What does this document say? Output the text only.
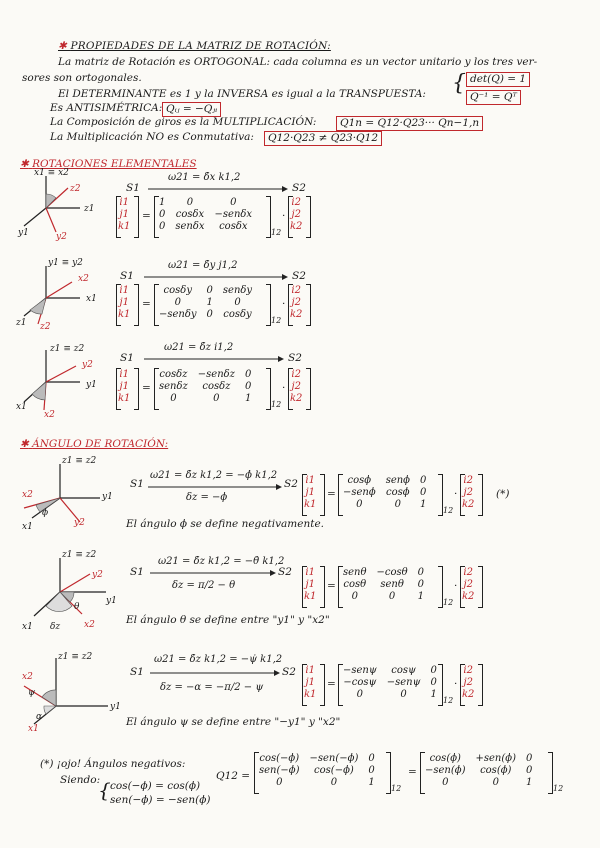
✱ PROPIEDADES DE LA MATRIZ DE ROTACIÓN:
La matriz de Rotación es ORTOGONAL: cada columna es un vector unitario y los tres ver-
sores son ortogonales.
El DETERMINANTE es 1 y la INVERSA es igual a la TRANSPUESTA: { det(Q) = 1
Q⁻¹ = Qᵀ
Es ANTISIMÉTRICA: Qᵢⱼ = −Qⱼᵢ
La Composición de giros es la MULTIPLICACIÓN:	Q1n = Q12·Q23··· Qn−1,n
La Multiplicación NO es Conmutativa:	Q12·Q23 ≠ Q23·Q12
✱ ROTACIONES ELEMENTALES
x1 ≡ x2
z2
z1
y1	y2
S1
ω21 = δ̇x k1,2
S2
i1
j1
k1
=
1	0	0
0	cosδx	−senδx
0	senδx	cosδx
12
·
i2
j2
k2
y1 ≡ y2
x2
x1
z1 z2
S1
ω21 = δ̇y j1,2
S2
i1
j1
k1
=
cosδy	0	senδy
0	1	0
−senδy	0	cosδy
12
·
i2
j2
k2
z1 ≡ z2
y2
y1
x1
x2
S1
ω21 = δ̇z i1,2
S2
i1
j1
k1
=
cosδz	−senδz	0
senδz	cosδz	0
0	0	1
12
·
i2
j2
k2
✱ ÁNGULO DE ROTACIÓN:
z1 ≡ z2
x2	y1
x1	y2
ϕ
S1
ω21 = δ̇z k1,2 = −ϕ̇ k1,2
S2
δz = −ϕ
i1
j1
k1
=
cosϕ	senϕ	0
−senϕ	cosϕ	0
0	0	1
12
·
i2
j2
k2
(*)
El ángulo ϕ se define negativamente.
z1 ≡ z2
y2
y1
x1 δz	x2
θ
S1
ω21 = δ̇z k1,2 = −θ̇ k1,2
S2
δz = π/2 − θ
i1
j1
k1
=
senθ	−cosθ	0
cosθ	senθ	0
0	0	1
12
·
i2
j2
k2
El ángulo θ se define entre "y1" y "x2"
z1 ≡ z2
x2
ψ
y1
α
x1
S1
ω21 = δ̇z k1,2 = −ψ̇ k1,2
S2
δz = −α = −π/2 − ψ
i1
j1
k1
=
−senψ	cosψ	0
−cosψ	−senψ	0
0	0	1
12
·
i2
j2
k2
El ángulo ψ se define entre "−y1" y "x2"
(*) ¡ojo! Ángulos negativos:
Q12 =
cos(−ϕ)	−sen(−ϕ)	0
sen(−ϕ)	cos(−ϕ)	0
0	0	1
12
=
cos(ϕ)	+sen(ϕ)	0
−sen(ϕ)	cos(ϕ)	0
0	0	1
12
Siendo:
{ cos(−ϕ) = cos(ϕ)
sen(−ϕ) = −sen(ϕ)
